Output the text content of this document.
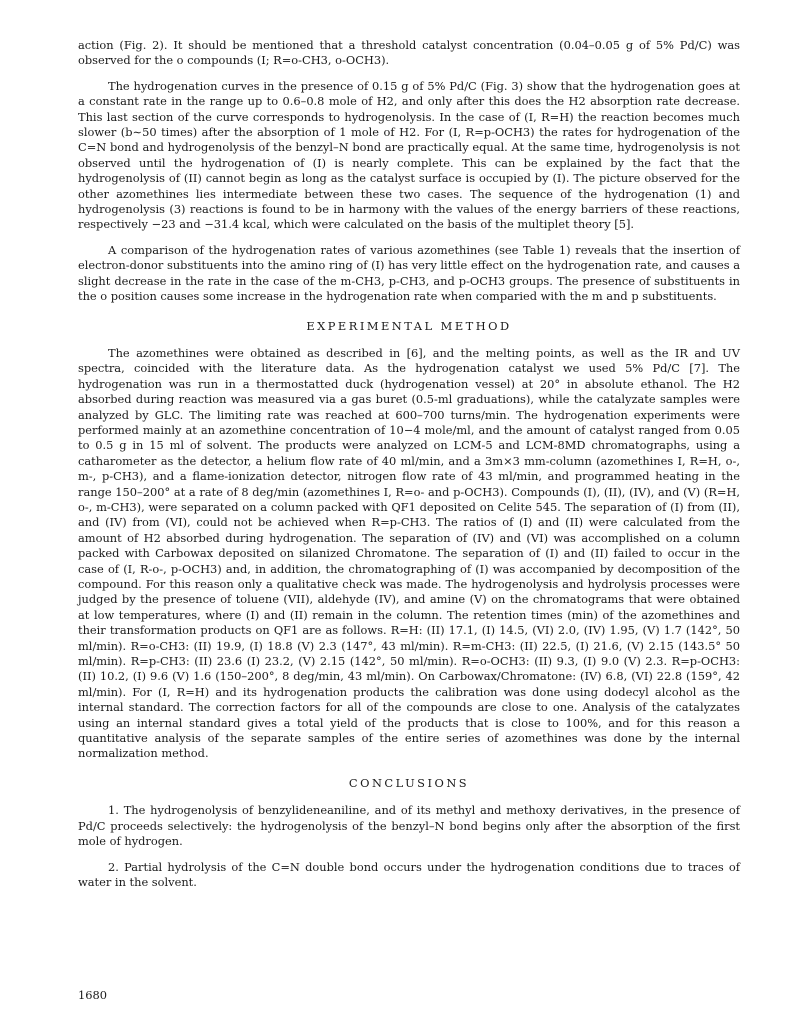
action (Fig. 2). It should be mentioned that a threshold catalyst concentration (0.04–0.05 g of 5% Pd/C) was observed for the o compounds (I; R=o-CH3, o-OCH3).

The hydrogenation curves in the presence of 0.15 g of 5% Pd/C (Fig. 3) show that the hydrogenation goes at a constant rate in the range up to 0.6–0.8 mole of H2, and only after this does the H2 absorption rate decrease. This last section of the curve corresponds to hydrogenolysis. In the case of (I, R=H) the reaction becomes much slower (b∼50 times) after the absorption of 1 mole of H2. For (I, R=p-OCH3) the rates for hydrogenation of the C=N bond and hydrogenolysis of the benzyl–N bond are practically equal. At the same time, hydrogenolysis is not observed until the hydrogenation of (I) is nearly complete. This can be explained by the fact that the hydrogenolysis of (II) cannot begin as long as the catalyst surface is occupied by (I). The picture observed for the other azomethines lies intermediate between these two cases. The sequence of the hydrogenation (1) and hydrogenolysis (3) reactions is found to be in harmony with the values of the energy barriers of these reactions, respectively −23 and −31.4 kcal, which were calculated on the basis of the multiplet theory [5].

A comparison of the hydrogenation rates of various azomethines (see Table 1) reveals that the insertion of electron-donor substituents into the amino ring of (I) has very little effect on the hydrogenation rate, and causes a slight decrease in the rate in the case of the m-CH3, p-CH3, and p-OCH3 groups. The presence of substituents in the o position causes some increase in the hydrogenation rate when comparied with the m and p substituents.

EXPERIMENTAL METHOD

The azomethines were obtained as described in [6], and the melting points, as well as the IR and UV spectra, coincided with the literature data. As the hydrogenation catalyst we used 5% Pd/C [7]. The hydrogenation was run in a thermostatted duck (hydrogenation vessel) at 20° in absolute ethanol. The H2 absorbed during reaction was measured via a gas buret (0.5-ml graduations), while the catalyzate samples were analyzed by GLC. The limiting rate was reached at 600–700 turns/min. The hydrogenation experiments were performed mainly at an azomethine concentration of 10−4 mole/ml, and the amount of catalyst ranged from 0.05 to 0.5 g in 15 ml of solvent. The products were analyzed on LCM-5 and LCM-8MD chromatographs, using a catharometer as the detector, a helium flow rate of 40 ml/min, and a 3m×3 mm-column (azomethines I, R=H, o-, m-, p-CH3), and a flame-ionization detector, nitrogen flow rate of 43 ml/min, and programmed heating in the range 150–200° at a rate of 8 deg/min (azomethines I, R=o- and p-OCH3). Compounds (I), (II), (IV), and (V) (R=H, o-, m-CH3), were separated on a column packed with QF1 deposited on Celite 545. The separation of (I) from (II), and (IV) from (VI), could not be achieved when R=p-CH3. The ratios of (I) and (II) were calculated from the amount of H2 absorbed during hydrogenation. The separation of (IV) and (VI) was accomplished on a column packed with Carbowax deposited on silanized Chromatone. The separation of (I) and (II) failed to occur in the case of (I, R-o-, p-OCH3) and, in addition, the chromatographing of (I) was accompanied by decomposition of the compound. For this reason only a qualitative check was made. The hydrogenolysis and hydrolysis processes were judged by the presence of toluene (VII), aldehyde (IV), and amine (V) on the chromatograms that were obtained at low temperatures, where (I) and (II) remain in the column. The retention times (min) of the azomethines and their transformation products on QF1 are as follows. R=H: (II) 17.1, (I) 14.5, (VI) 2.0, (IV) 1.95, (V) 1.7 (142°, 50 ml/min). R=o-CH3: (II) 19.9, (I) 18.8 (V) 2.3 (147°, 43 ml/min). R=m-CH3: (II) 22.5, (I) 21.6, (V) 2.15 (143.5° 50 ml/min). R=p-CH3: (II) 23.6 (I) 23.2, (V) 2.15 (142°, 50 ml/min). R=o-OCH3: (II) 9.3, (I) 9.0 (V) 2.3. R=p-OCH3: (II) 10.2, (I) 9.6 (V) 1.6 (150–200°, 8 deg/min, 43 ml/min). On Carbowax/Chromatone: (IV) 6.8, (VI) 22.8 (159°, 42 ml/min). For (I, R=H) and its hydrogenation products the calibration was done using dodecyl alcohol as the internal standard. The correction factors for all of the compounds are close to one. Analysis of the catalyzates using an internal standard gives a total yield of the products that is close to 100%, and for this reason a quantitative analysis of the separate samples of the entire series of azomethines was done by the internal normalization method.

CONCLUSIONS

1. The hydrogenolysis of benzylideneaniline, and of its methyl and methoxy derivatives, in the presence of Pd/C proceeds selectively: the hydrogenolysis of the benzyl–N bond begins only after the absorption of the first mole of hydrogen.

2. Partial hydrolysis of the C=N double bond occurs under the hydrogenation conditions due to traces of water in the solvent.

1680
